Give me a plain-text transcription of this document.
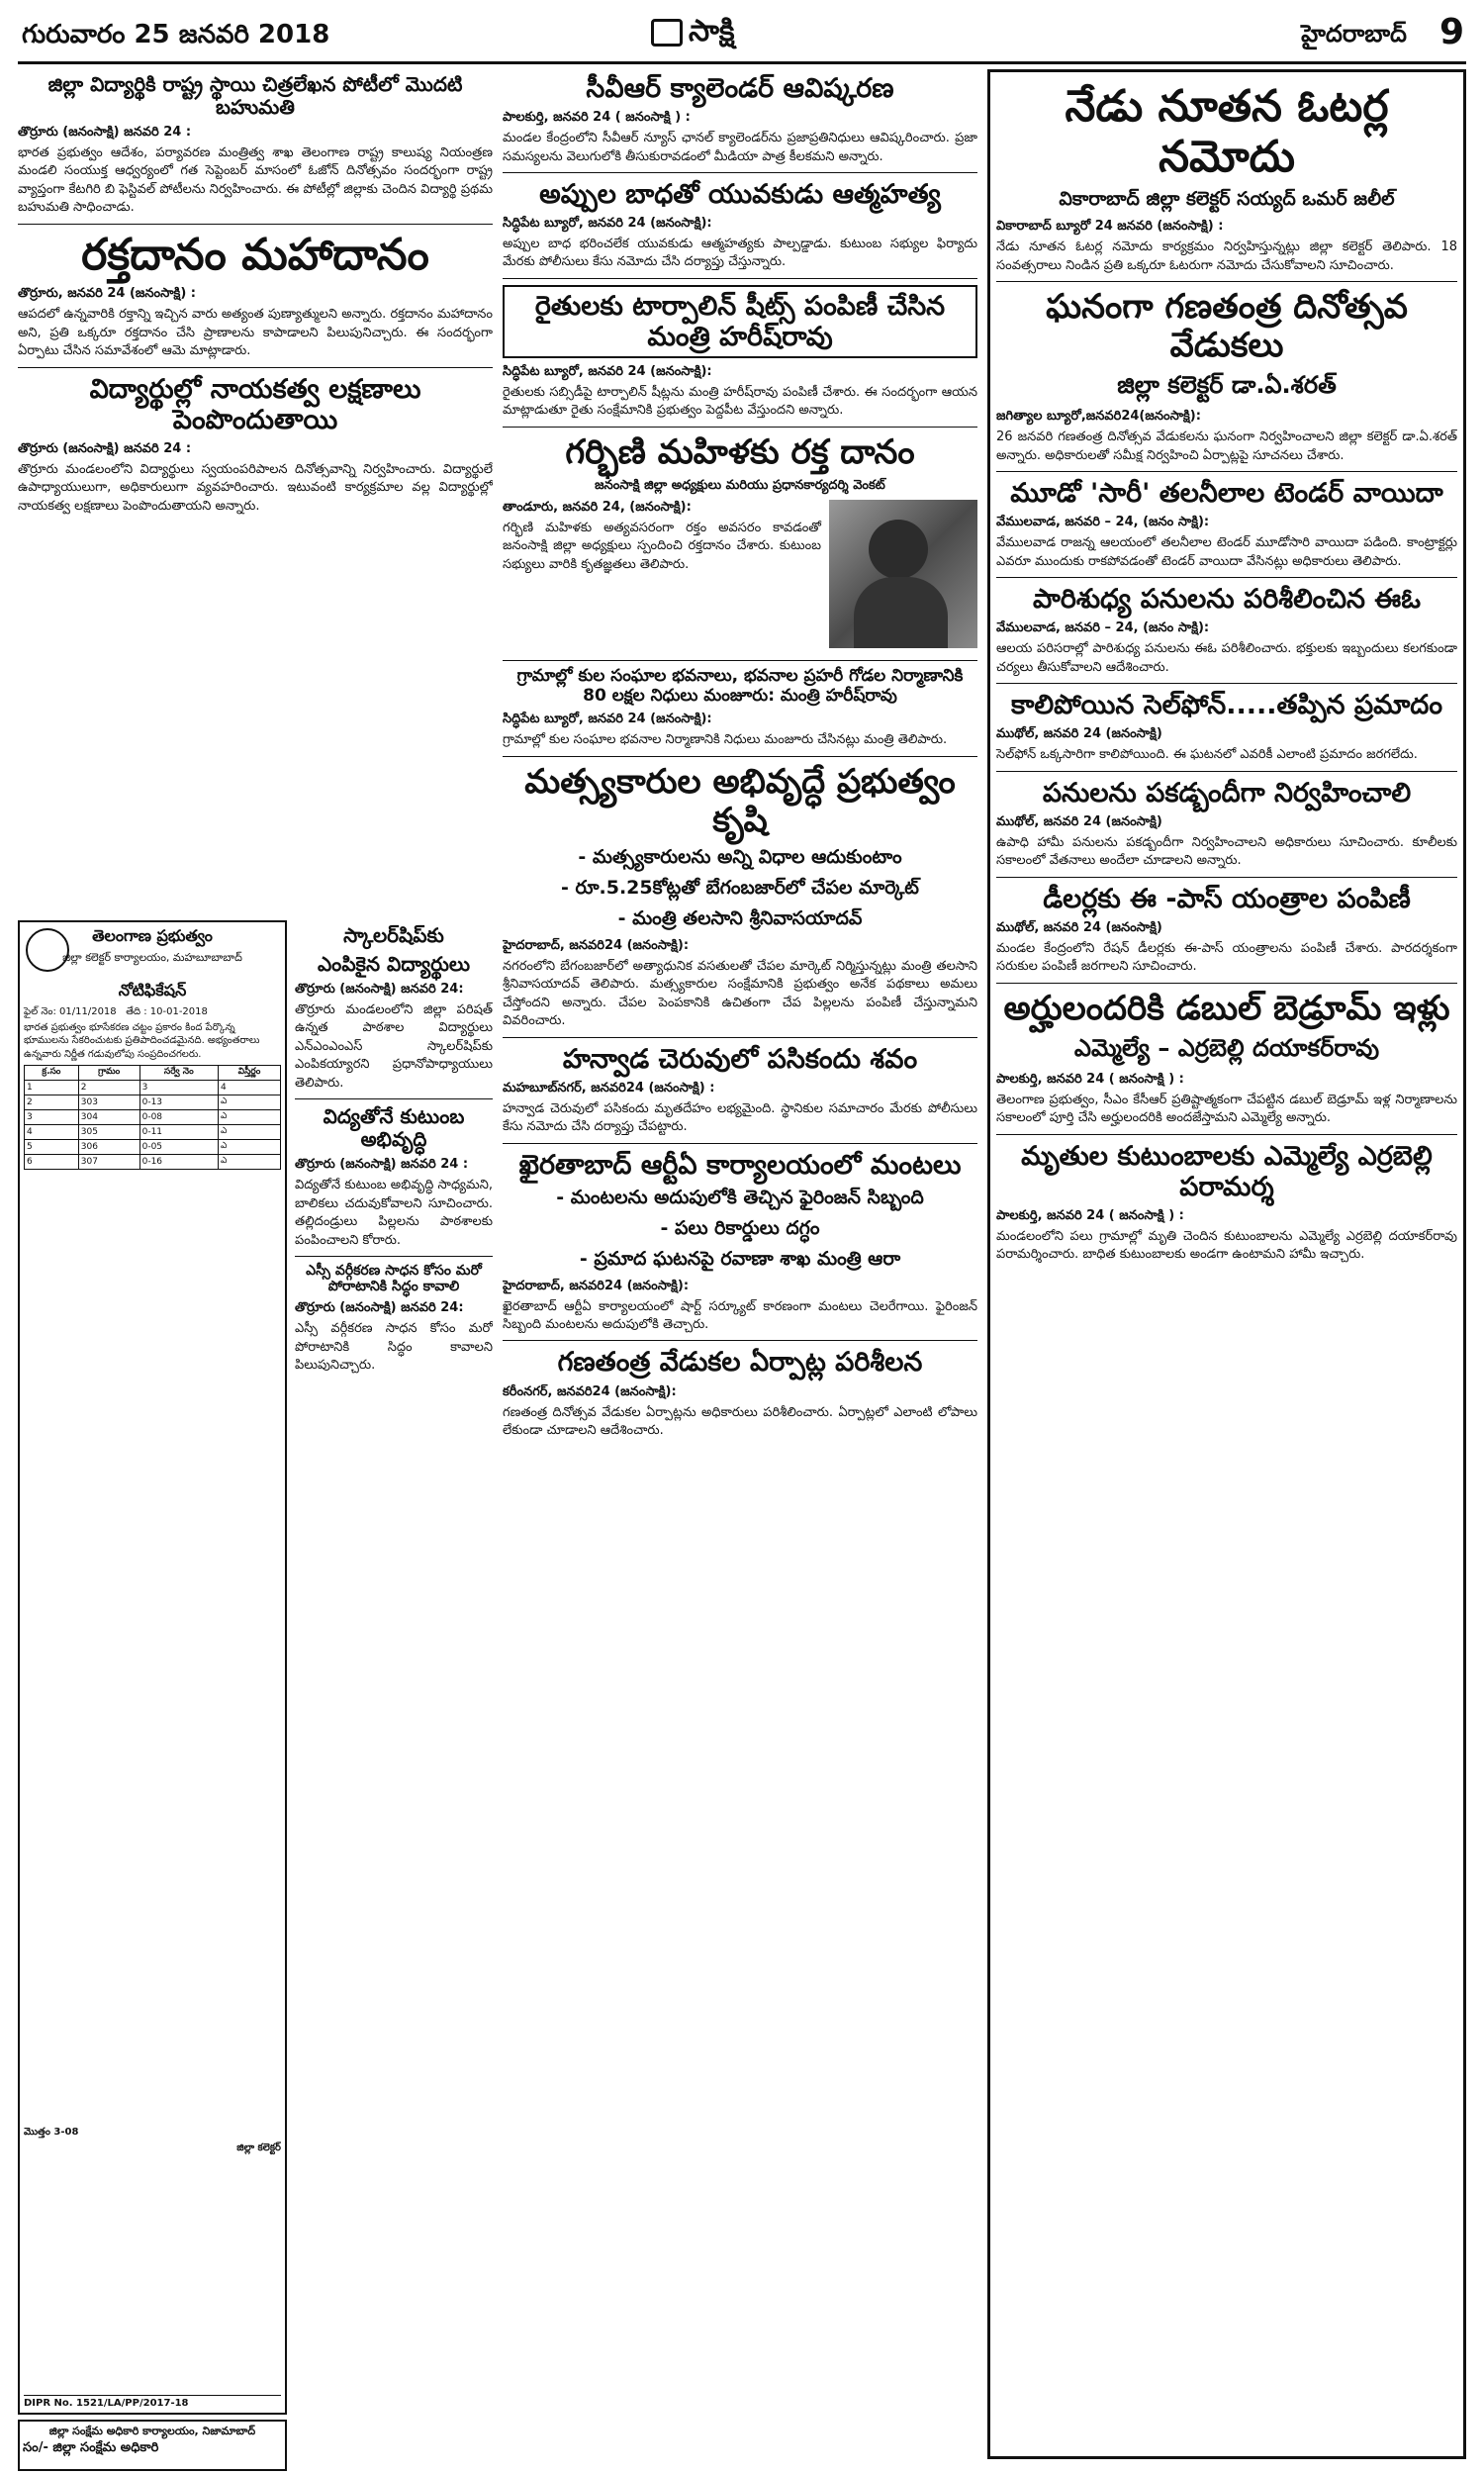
గురువారం 25 జనవరి 2018	సాక్షి	హైదరాబాద్ 9
జిల్లా విద్యార్థికి రాష్ట్ర స్థాయి చిత్రలేఖన పోటీలో మొదటి బహుమతి
తొర్రూరు (జనంసాక్షి) జనవరి 24 :

భారత ప్రభుత్వం ఆదేశం, పర్యావరణ మంత్రిత్వ శాఖ తెలంగాణ రాష్ట్ర కాలుష్య నియంత్రణ మండలి సంయుక్త ఆధ్వర్యంలో గత సెప్టెంబర్ మాసంలో ఓజోన్ దినోత్సవం సందర్భంగా రాష్ట్ర వ్యాప్తంగా కేటగిరి బి ఫెస్టివల్ పోటీలను నిర్వహించారు. ఈ పోటీల్లో జిల్లాకు చెందిన విద్యార్థి ప్రథమ బహుమతి సాధించాడు.

రక్తదానం మహాదానం
తొర్రూరు, జనవరి 24 (జనంసాక్షి) :

ఆపదలో ఉన్నవారికి రక్తాన్ని ఇచ్చిన వారు అత్యంత పుణ్యాత్ములని అన్నారు. రక్తదానం మహాదానం అని, ప్రతి ఒక్కరూ రక్తదానం చేసి ప్రాణాలను కాపాడాలని పిలుపునిచ్చారు. ఈ సందర్భంగా ఏర్పాటు చేసిన సమావేశంలో ఆమె మాట్లాడారు.

విద్యార్థుల్లో నాయకత్వ లక్షణాలు పెంపొందుతాయి
తొర్రూరు (జనంసాక్షి) జనవరి 24 :

తొర్రూరు మండలంలోని విద్యార్థులు స్వయంపరిపాలన దినోత్సవాన్ని నిర్వహించారు. విద్యార్థులే ఉపాధ్యాయులుగా, అధికారులుగా వ్యవహరించారు. ఇటువంటి కార్యక్రమాల వల్ల విద్యార్థుల్లో నాయకత్వ లక్షణాలు పెంపొందుతాయని అన్నారు.

తెలంగాణ ప్రభుత్వం
జిల్లా కలెక్టర్ కార్యాలయం, మహబూబాబాద్
నోటిఫికేషన్
ఫైల్ నెం: 01/11/2018 తేది : 10-01-2018
భారత ప్రభుత్వం భూసేకరణ చట్టం ప్రకారం కింద పేర్కొన్న భూములను సేకరించుటకు ప్రతిపాదించడమైనది. అభ్యంతరాలు ఉన్నవారు నిర్ణీత గడువులోపు సంప్రదించగలరు.
క్ర.సం	గ్రామం	సర్వే నెం	విస్తీర్ణం
1	2	3	4
2	303	0-13	ఎ
3	304	0-08	ఎ
4	305	0-11	ఎ
5	306	0-05	ఎ
6	307	0-16	ఎ
మొత్తం 3-08
జిల్లా కలెక్టర్
DIPR No. 1521/LA/PP/2017-18
జిల్లా సంక్షేమ అధికారి కార్యాలయం, నిజామాబాద్
సం/- జిల్లా సంక్షేమ అధికారి
స్కాలర్‌షిప్‌కు
ఎంపికైన విద్యార్థులు
తొర్రూరు (జనంసాక్షి) జనవరి 24:

తొర్రూరు మండలంలోని జిల్లా పరిషత్ ఉన్నత పాఠశాల విద్యార్థులు ఎన్‌ఎంఎంఎస్ స్కాలర్‌షిప్‌కు ఎంపికయ్యారని ప్రధానోపాధ్యాయులు తెలిపారు.

విద్యతోనే కుటుంబ అభివృద్ధి
తొర్రూరు (జనంసాక్షి) జనవరి 24 :

విద్యతోనే కుటుంబ అభివృద్ధి సాధ్యమని, బాలికలు చదువుకోవాలని సూచించారు. తల్లిదండ్రులు పిల్లలను పాఠశాలకు పంపించాలని కోరారు.

ఎస్సీ వర్గీకరణ సాధన కోసం మరో పోరాటానికి సిద్ధం కావాలి
తొర్రూరు (జనంసాక్షి) జనవరి 24:

ఎస్సీ వర్గీకరణ సాధన కోసం మరో పోరాటానికి సిద్ధం కావాలని పిలుపునిచ్చారు.

సీవీఆర్ క్యాలెండర్ ఆవిష్కరణ
పాలకుర్తి, జనవరి 24 ( జనంసాక్షి ) :

మండల కేంద్రంలోని సీవీఆర్ న్యూస్ ఛానల్ క్యాలెండర్‌ను ప్రజాప్రతినిధులు ఆవిష్కరించారు. ప్రజా సమస్యలను వెలుగులోకి తీసుకురావడంలో మీడియా పాత్ర కీలకమని అన్నారు.

అప్పుల బాధతో యువకుడు ఆత్మహత్య
సిద్ధిపేట బ్యూరో, జనవరి 24 (జనంసాక్షి):

అప్పుల బాధ భరించలేక యువకుడు ఆత్మహత్యకు పాల్పడ్డాడు. కుటుంబ సభ్యుల ఫిర్యాదు మేరకు పోలీసులు కేసు నమోదు చేసి దర్యాప్తు చేస్తున్నారు.

రైతులకు టార్పాలిన్ షీట్స్ పంపిణీ చేసిన మంత్రి హరీష్‌రావు
సిద్ధిపేట బ్యూరో, జనవరి 24 (జనంసాక్షి):

రైతులకు సబ్సిడీపై టార్పాలిన్ షీట్లను మంత్రి హరీష్‌రావు పంపిణీ చేశారు. ఈ సందర్భంగా ఆయన మాట్లాడుతూ రైతు సంక్షేమానికి ప్రభుత్వం పెద్దపీట వేస్తుందని అన్నారు.

గర్భిణి మహిళకు రక్త దానం
జనంసాక్షి జిల్లా అధ్యక్షులు మరియు ప్రధానకార్యదర్శి వెంకట్
తాండూరు, జనవరి 24, (జనంసాక్షి):

గర్భిణి మహిళకు అత్యవసరంగా రక్తం అవసరం కావడంతో జనంసాక్షి జిల్లా అధ్యక్షులు స్పందించి రక్తదానం చేశారు. కుటుంబ సభ్యులు వారికి కృతజ్ఞతలు తెలిపారు.

గ్రామాల్లో కుల సంఘాల భవనాలు, భవనాల ప్రహరీ గోడల నిర్మాణానికి 80 లక్షల నిధులు మంజూరు: మంత్రి హరీష్‌రావు
సిద్ధిపేట బ్యూరో, జనవరి 24 (జనంసాక్షి):

గ్రామాల్లో కుల సంఘాల భవనాల నిర్మాణానికి నిధులు మంజూరు చేసినట్లు మంత్రి తెలిపారు.

మత్స్యకారుల అభివృద్ధే ప్రభుత్వం కృషి
- మత్స్యకారులను అన్ని విధాల ఆదుకుంటాం
- రూ.5.25కోట్లతో బేగంబజార్‌లో చేపల మార్కెట్
- మంత్రి తలసాని శ్రీనివాసయాదవ్
హైదరాబాద్, జనవరి24 (జనంసాక్షి):

నగరంలోని బేగంబజార్‌లో అత్యాధునిక వసతులతో చేపల మార్కెట్ నిర్మిస్తున్నట్లు మంత్రి తలసాని శ్రీనివాసయాదవ్ తెలిపారు. మత్స్యకారుల సంక్షేమానికి ప్రభుత్వం అనేక పథకాలు అమలు చేస్తోందని అన్నారు. చేపల పెంపకానికి ఉచితంగా చేప పిల్లలను పంపిణీ చేస్తున్నామని వివరించారు.

హన్వాడ చెరువులో పసికందు శవం
మహబూబ్‌నగర్, జనవరి24 (జనంసాక్షి) :

హన్వాడ చెరువులో పసికందు మృతదేహం లభ్యమైంది. స్థానికుల సమాచారం మేరకు పోలీసులు కేసు నమోదు చేసి దర్యాప్తు చేపట్టారు.

ఖైరతాబాద్ ఆర్టీఏ కార్యాలయంలో మంటలు
- మంటలను అదుపులోకి తెచ్చిన ఫైరింజన్ సిబ్బంది
- పలు రికార్డులు దగ్ధం
- ప్రమాద ఘటనపై రవాణా శాఖ మంత్రి ఆరా
హైదరాబాద్, జనవరి24 (జనంసాక్షి):

ఖైరతాబాద్ ఆర్టీఏ కార్యాలయంలో షార్ట్ సర్క్యూట్ కారణంగా మంటలు చెలరేగాయి. ఫైరింజన్ సిబ్బంది మంటలను అదుపులోకి తెచ్చారు.

గణతంత్ర వేడుకల ఏర్పాట్ల పరిశీలన
కరీంనగర్, జనవరి24 (జనంసాక్షి):

గణతంత్ర దినోత్సవ వేడుకల ఏర్పాట్లను అధికారులు పరిశీలించారు. ఏర్పాట్లలో ఎలాంటి లోపాలు లేకుండా చూడాలని ఆదేశించారు.

నేడు నూతన ఓటర్ల నమోదు
వికారాబాద్ జిల్లా కలెక్టర్ సయ్యద్ ఒమర్ జలీల్
వికారాబాద్ బ్యూరో 24 జనవరి (జనంసాక్షి) :

నేడు నూతన ఓటర్ల నమోదు కార్యక్రమం నిర్వహిస్తున్నట్లు జిల్లా కలెక్టర్ తెలిపారు. 18 సంవత్సరాలు నిండిన ప్రతి ఒక్కరూ ఓటరుగా నమోదు చేసుకోవాలని సూచించారు.

ఘనంగా గణతంత్ర దినోత్సవ వేడుకలు
జిల్లా కలెక్టర్ డా.ఏ.శరత్
జగిత్యాల బ్యూరో,జనవరి24(జనంసాక్షి):

26 జనవరి గణతంత్ర దినోత్సవ వేడుకలను ఘనంగా నిర్వహించాలని జిల్లా కలెక్టర్ డా.ఏ.శరత్ అన్నారు. అధికారులతో సమీక్ష నిర్వహించి ఏర్పాట్లపై సూచనలు చేశారు.

మూడో 'సారీ' తలనీలాల టెండర్ వాయిదా
వేములవాడ, జనవరి – 24, (జనం సాక్షి):

వేములవాడ రాజన్న ఆలయంలో తలనీలాల టెండర్ మూడోసారి వాయిదా పడింది. కాంట్రాక్టర్లు ఎవరూ ముందుకు రాకపోవడంతో టెండర్ వాయిదా వేసినట్లు అధికారులు తెలిపారు.

పారిశుధ్య పనులను పరిశీలించిన ఈఓ
వేములవాడ, జనవరి – 24, (జనం సాక్షి):

ఆలయ పరిసరాల్లో పారిశుధ్య పనులను ఈఓ పరిశీలించారు. భక్తులకు ఇబ్బందులు కలగకుండా చర్యలు తీసుకోవాలని ఆదేశించారు.

కాలిపోయిన సెల్‌ఫోన్.....తప్పిన ప్రమాదం
ముథోల్, జనవరి 24 (జనంసాక్షి)

సెల్‌ఫోన్ ఒక్కసారిగా కాలిపోయింది. ఈ ఘటనలో ఎవరికీ ఎలాంటి ప్రమాదం జరగలేదు.

పనులను పకడ్బందీగా నిర్వహించాలి
ముథోల్, జనవరి 24 (జనంసాక్షి)

ఉపాధి హామీ పనులను పకడ్బందీగా నిర్వహించాలని అధికారులు సూచించారు. కూలీలకు సకాలంలో వేతనాలు అందేలా చూడాలని అన్నారు.

డీలర్లకు ఈ -పాస్ యంత్రాల పంపిణీ
ముథోల్, జనవరి 24 (జనంసాక్షి)

మండల కేంద్రంలోని రేషన్ డీలర్లకు ఈ-పాస్ యంత్రాలను పంపిణీ చేశారు. పారదర్శకంగా సరుకుల పంపిణీ జరగాలని సూచించారు.

అర్హులందరికి డబుల్ బెడ్రూమ్ ఇళ్లు
ఎమ్మెల్యే – ఎర్రబెల్లి దయాకర్‌రావు
పాలకుర్తి, జనవరి 24 ( జనంసాక్షి ) :

తెలంగాణ ప్రభుత్వం, సీఎం కేసీఆర్ ప్రతిష్టాత్మకంగా చేపట్టిన డబుల్ బెడ్రూమ్ ఇళ్ల నిర్మాణాలను సకాలంలో పూర్తి చేసి అర్హులందరికి అందజేస్తామని ఎమ్మెల్యే అన్నారు.

మృతుల కుటుంబాలకు ఎమ్మెల్యే ఎర్రబెల్లి పరామర్శ
పాలకుర్తి, జనవరి 24 ( జనంసాక్షి ) :

మండలంలోని పలు గ్రామాల్లో మృతి చెందిన కుటుంబాలను ఎమ్మెల్యే ఎర్రబెల్లి దయాకర్‌రావు పరామర్శించారు. బాధిత కుటుంబాలకు అండగా ఉంటామని హామీ ఇచ్చారు.
